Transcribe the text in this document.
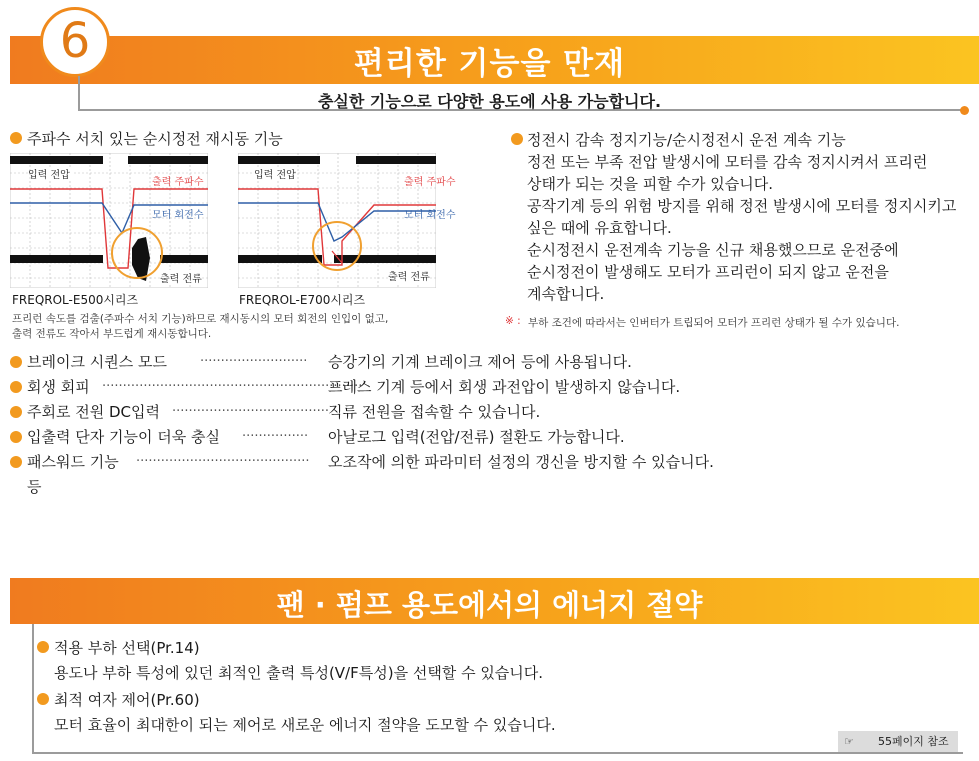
편리한 기능을 만재
6
충실한 기능으로 다양한 용도에 사용 가능합니다.
주파수 서치 있는 순시정전 재시동 기능
입력 전압
출력 주파수
모터 회전수
출력 전류
FREQROL-E500시리즈
입력 전압
출력 주파수
모터 회전수
출력 전류
FREQROL-E700시리즈
프리런 속도를 검출(주파수 서치 기능)하므로 재시동시의 모터 회전의 인입이 없고,
출력 전류도 작아서 부드럽게 재시동합니다.
정전시 감속 정지기능/순시정전시 운전 계속 기능
정전 또는 부족 전압 발생시에 모터를 감속 정지시켜서 프리런
상태가 되는 것을 피할 수가 있습니다.
공작기계 등의 위험 방지를 위해 정전 발생시에 모터를 정지시키고
싶은 때에 유효합니다.
순시정전시 운전계속 기능을 신규 채용했으므로 운전중에
순시정전이 발생해도 모터가 프리런이 되지 않고 운전을
계속합니다.
※ : 부하 조건에 따라서는 인버터가 트립되어 모터가 프리런 상태가 될 수가 있습니다.
브레이크 시퀀스 모드	·························· 승강기의 기계 브레이크 제어 등에 사용됩니다.
회생 회피 ·······························································
프레스 기계 등에서 회생 과전압이 발생하지 않습니다.
주회로 전원 DC입력 ······································
직류 전원을 접속할 수 있습니다.
입출력 단자 기능이 더욱 충실 ················ 아날로그 입력(전압/전류) 절환도 가능합니다.
패스워드 기능 ·········································· 오조작에 의한 파라미터 설정의 갱신을 방지할 수 있습니다.
등
팬 · 펌프 용도에서의 에너지 절약
적용 부하 선택(Pr.14)
용도나 부하 특성에 있던 최적인 출력 특성(V/F특성)을 선택할 수 있습니다.
최적 여자 제어(Pr.60)
모터 효율이 최대한이 되는 제어로 새로운 에너지 절약을 도모할 수 있습니다.
☞ 55페이지 참조
